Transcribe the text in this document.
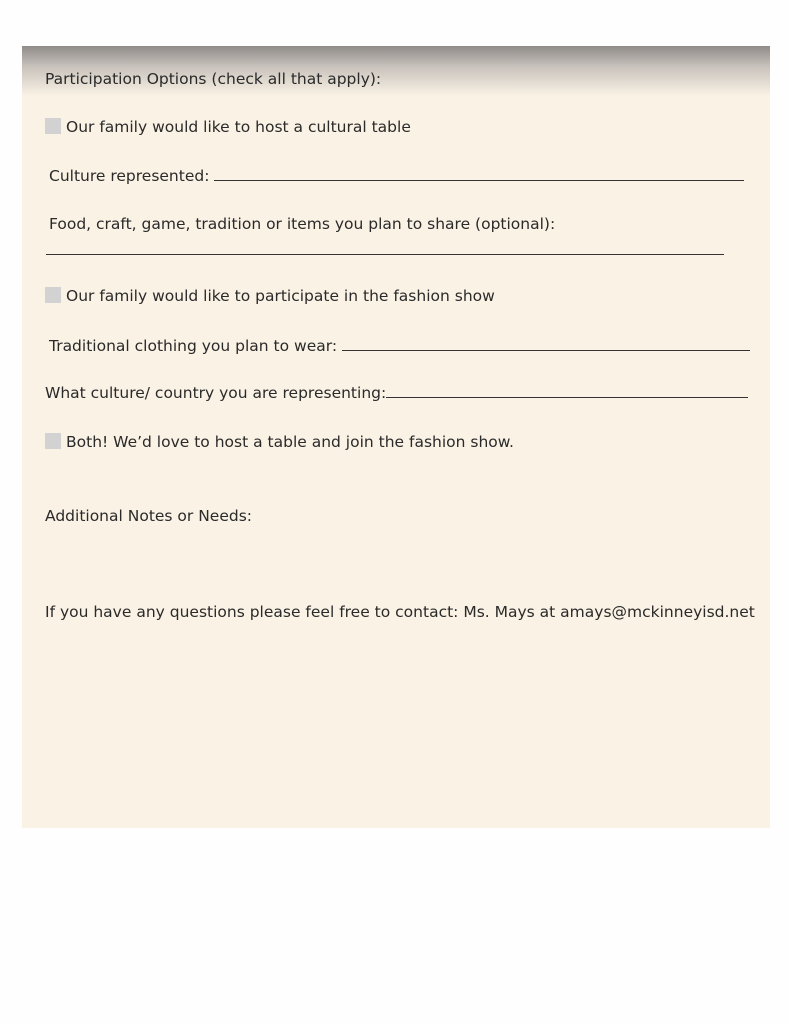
Participation Options (check all that apply):
Our family would like to host a cultural table
Culture represented:
Food, craft, game, tradition or items you plan to share (optional):
Our family would like to participate in the fashion show
Traditional clothing you plan to wear:
What culture/ country you are representing:
Both! We’d love to host a table and join the fashion show.
Additional Notes or Needs:
If you have any questions please feel free to contact: Ms. Mays at amays@mckinneyisd.net
